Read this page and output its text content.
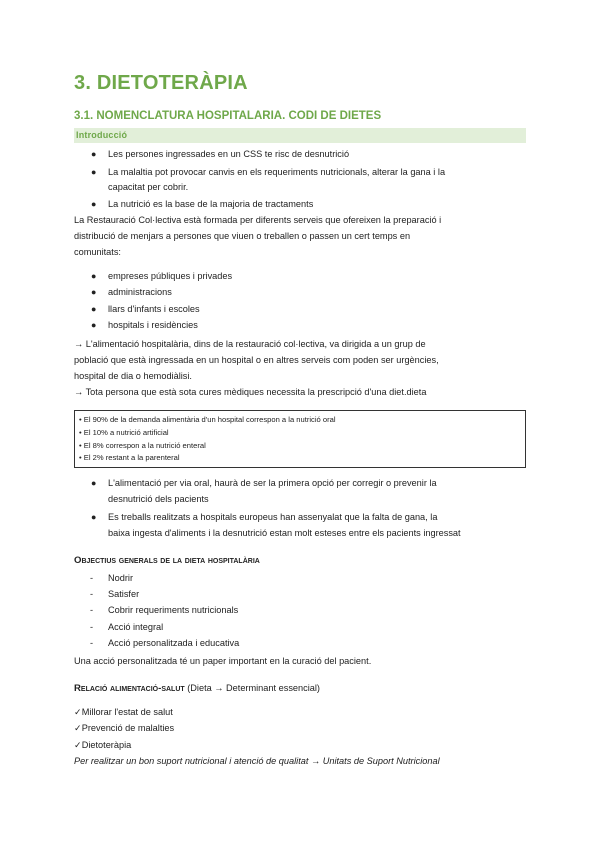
3. DIETOTERÀPIA
3.1. NOMENCLATURA HOSPITALARIA. CODI DE DIETES
Introducció
● Les persones ingressades en un CSS te risc de desnutrició
● La malaltia pot provocar canvis en els requeriments nutricionals, alterar la gana i la
capacitat per cobrir.
● La nutrició es la base de la majoria de tractaments
La Restauració Col·lectiva està formada per diferents serveis que ofereixen la preparació i
distribució de menjars a persones que viuen o treballen o passen un cert temps en
comunitats:
● empreses públiques i privades
● administracions
● llars d'infants i escoles
● hospitals i residències
→ L'alimentació hospitalària, dins de la restauració col·lectiva, va dirigida a un grup de
població que està ingressada en un hospital o en altres serveis com poden ser urgències,
hospital de dia o hemodiàlisi.
→ Tota persona que està sota cures mèdiques necessita la prescripció d'una diet.dieta
• El 90% de la demanda alimentària d'un hospital correspon a la nutrició oral
• El 10% a nutrició artificial
• El 8% correspon a la nutrició enteral
• El 2% restant a la parenteral
● L'alimentació per via oral, haurà de ser la primera opció per corregir o prevenir la
desnutrició dels pacients
● Es treballs realitzats a hospitals europeus han assenyalat que la falta de gana, la
baixa ingesta d'aliments i la desnutrició estan molt esteses entre els pacients ingressat
Objectius generals de la dieta hospitalària
- Nodrir
- Satisfer
- Cobrir requeriments nutricionals
- Acció integral
- Acció personalitzada i educativa
Una acció personalitzada té un paper important en la curació del pacient.
Relació alimentació-salut (Dieta → Determinant essencial)
✓Millorar l'estat de salut
✓Prevenció de malalties
✓Dietoteràpia
Per realitzar un bon suport nutricional i atenció de qualitat → Unitats de Suport Nutricional
